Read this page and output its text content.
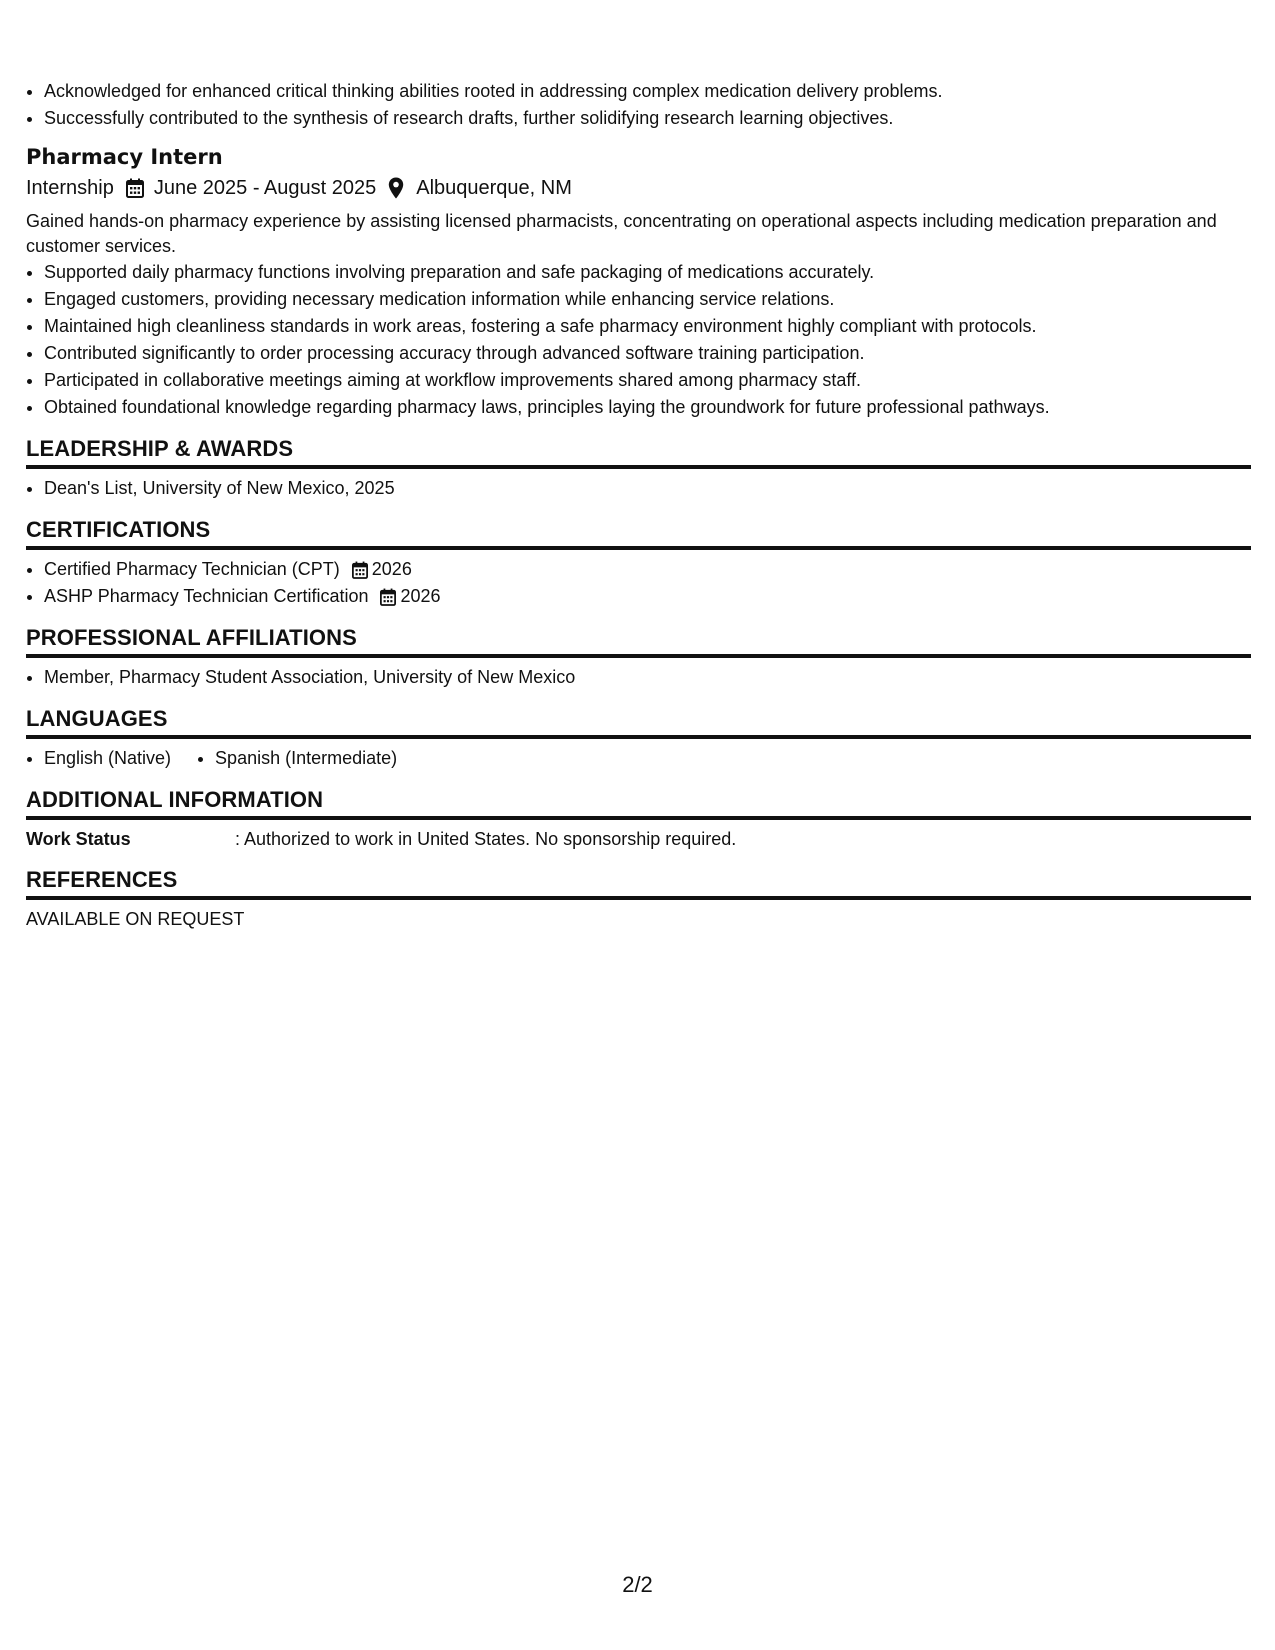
• Acknowledged for enhanced critical thinking abilities rooted in addressing complex medication delivery problems.
• Successfully contributed to the synthesis of research drafts, further solidifying research learning objectives.
Pharmacy Intern
Internship June 2025 - August 2025 Albuquerque, NM
Gained hands-on pharmacy experience by assisting licensed pharmacists, concentrating on operational aspects including medication preparation and customer services.
• Supported daily pharmacy functions involving preparation and safe packaging of medications accurately.
• Engaged customers, providing necessary medication information while enhancing service relations.
• Maintained high cleanliness standards in work areas, fostering a safe pharmacy environment highly compliant with protocols.
• Contributed significantly to order processing accuracy through advanced software training participation.
• Participated in collaborative meetings aiming at workflow improvements shared among pharmacy staff.
• Obtained foundational knowledge regarding pharmacy laws, principles laying the groundwork for future professional pathways.
LEADERSHIP & AWARDS
• Dean's List, University of New Mexico, 2025
CERTIFICATIONS
• Certified Pharmacy Technician (CPT) 2026
• ASHP Pharmacy Technician Certification 2026
PROFESSIONAL AFFILIATIONS
• Member, Pharmacy Student Association, University of New Mexico
LANGUAGES
• English (Native)
• Spanish (Intermediate)
ADDITIONAL INFORMATION
Work Status	: Authorized to work in United States. No sponsorship required.
REFERENCES
AVAILABLE ON REQUEST
2/2
